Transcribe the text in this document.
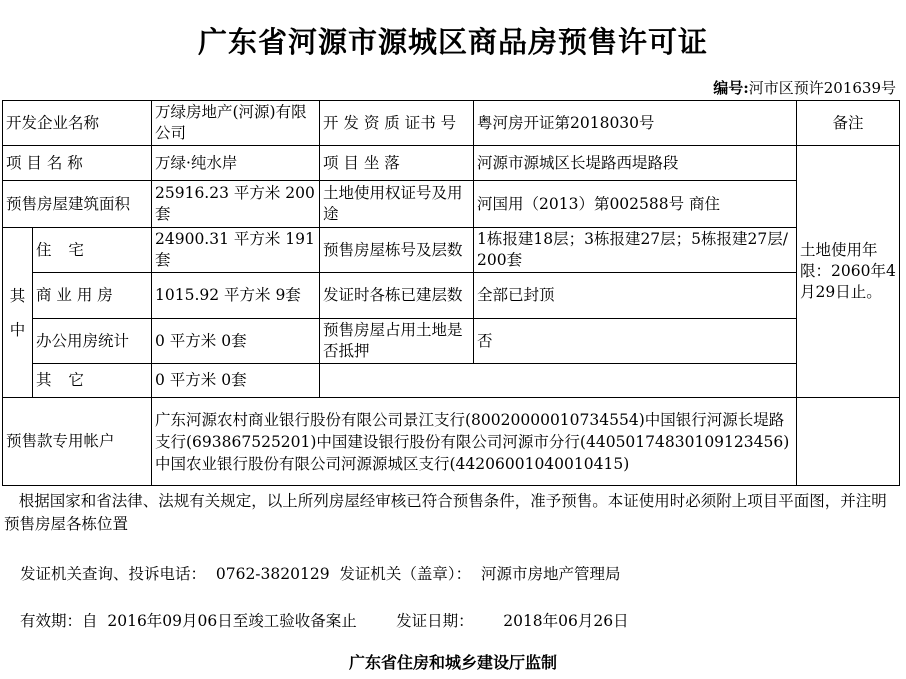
广东省河源市源城区商品房预售许可证
编号:河市区预许201639号
开发企业名称		万绿房地产(河源)有限公司	开 发 资 质 证书 号	粤河房开证第2018030号	备注
项 目 名 称		万绿·纯水岸	项 目 坐 落	河源市源城区长堤路西堤路段	土地使用年限：2060年4月29日止。
预售房屋建筑面积		25916.23 平方米 200套	土地使用权证号及用途	河国用（2013）第002588号 商住	
其中	住 宅	24900.31 平方米 191套	预售房屋栋号及层数	1栋报建18层；3栋报建27层；5栋报建27层/200套	
	商 业 用 房	1015.92 平方米 9套	发证时各栋已建层数	全部已封顶	
	办公用房统计	0 平方米 0套	预售房屋占用土地是否抵押	否	
	其 它	0 平方米 0套			
预售款专用帐户		广东河源农村商业银行股份有限公司景江支行(80020000010734554)中国银行河源长堤路支行(693867525201)中国建设银行股份有限公司河源市分行(44050174830109123456)中国农业银行股份有限公司河源源城区支行(44206001040010415)			
根据国家和省法律、法规有关规定，以上所列房屋经审核已符合预售条件，准予预售。本证使用时必须附上项目平面图，并注明预售房屋各栋位置
发证机关查询、投诉电话：  0762-3820129  发证机关（盖章）：  河源市房地产管理局
有效期：自  2016年09月06日至竣工验收备案止        发证日期：      2018年06月26日
广东省住房和城乡建设厅监制
